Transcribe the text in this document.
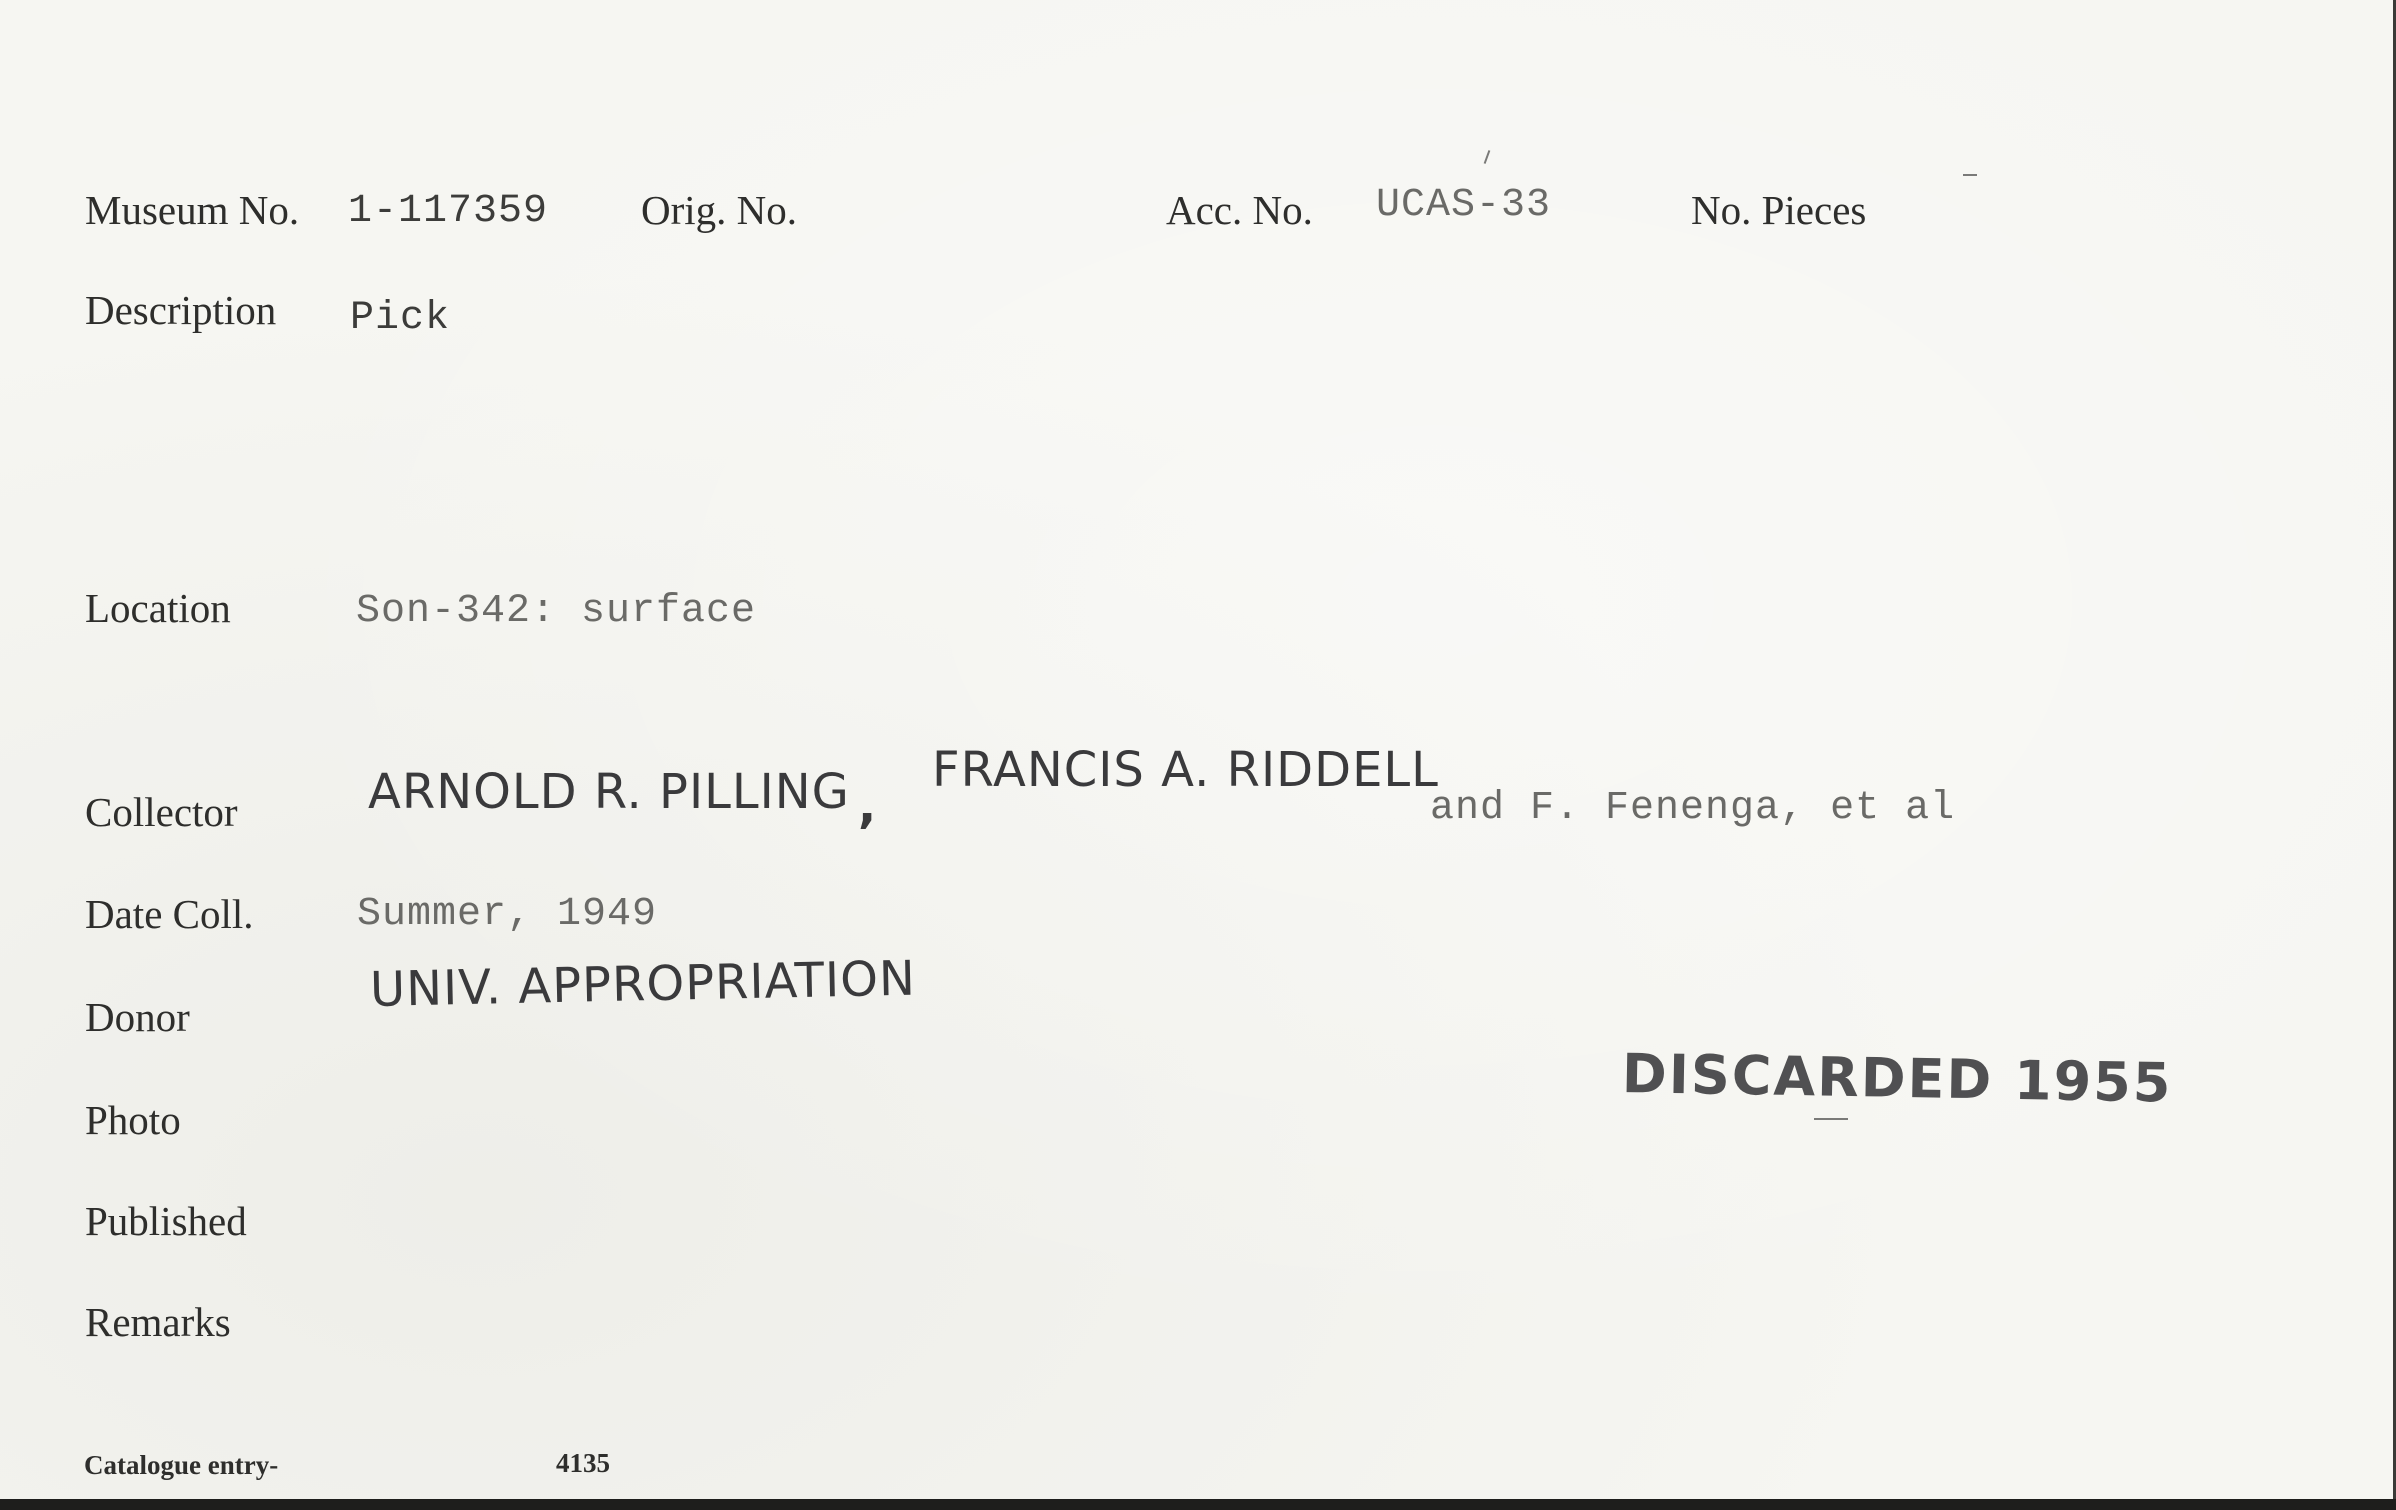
Museum No. 1-117359 Orig. No.	Acc. No. UCAS-33	No. Pieces
Description Pick
Location	Son-342: surface
Collector	ARNOLD R. PILLING ,
FRANCIS A. RIDDELL
and F. Fenenga, et al
Date Coll.	Summer, 1949
Donor	UNIV. APPROPRIATION
DISCARDED 1955
Photo
Published
Remarks
Catalogue entry-	4135
